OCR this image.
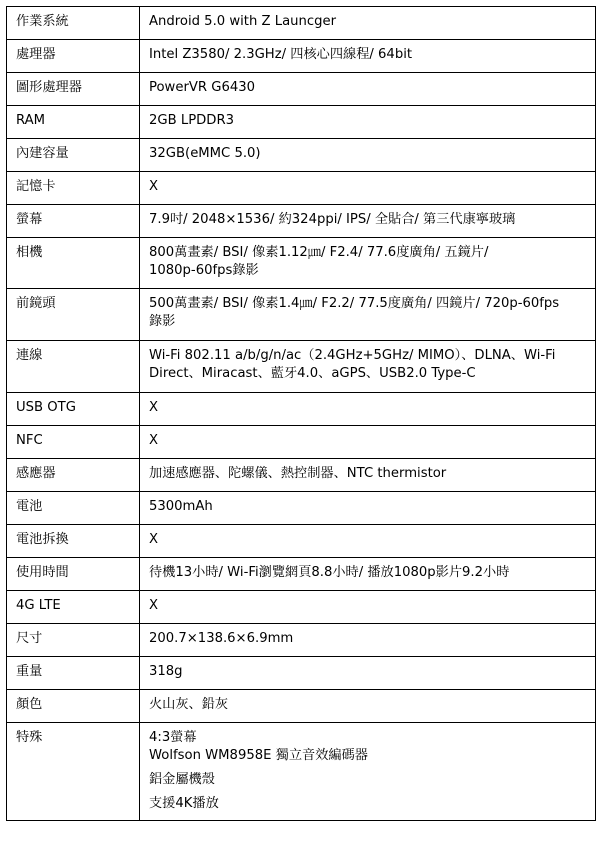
作業系統	Android 5.0 with Z Launcger

處理器	Intel Z3580/ 2.3GHz/ 四核心四線程/ 64bit

圖形處理器	PowerVR G6430

RAM	2GB LPDDR3

內建容量	32GB(eMMC 5.0)

記憶卡	X

螢幕	7.9吋/ 2048×1536/ 約324ppi/ IPS/ 全貼合/ 第三代康寧玻璃

相機	800萬畫素/ BSI/ 像素1.12㎛/ F2.4/ 77.6度廣角/ 五鏡片/
1080p-60fps錄影

前鏡頭	500萬畫素/ BSI/ 像素1.4㎛/ F2.2/ 77.5度廣角/ 四鏡片/ 720p-60fps
錄影

連線	Wi-Fi 802.11 a/b/g/n/ac（2.4GHz+5GHz/ MIMO）、DLNA、Wi-Fi
Direct、Miracast、藍牙4.0、aGPS、USB2.0 Type-C

USB OTG	X

NFC	X

感應器	加速感應器、陀螺儀、熱控制器、NTC thermistor

電池	5300mAh

電池拆換	X

使用時間	待機13小時/ Wi-Fi瀏覽網頁8.8小時/ 播放1080p影片9.2小時

4G LTE	X

尺寸	200.7×138.6×6.9mm

重量	318g

顏色	火山灰、鉛灰

特殊	4:3螢幕
Wolfson WM8958E 獨立音效編碼器
鋁金屬機殼
支援4K播放
